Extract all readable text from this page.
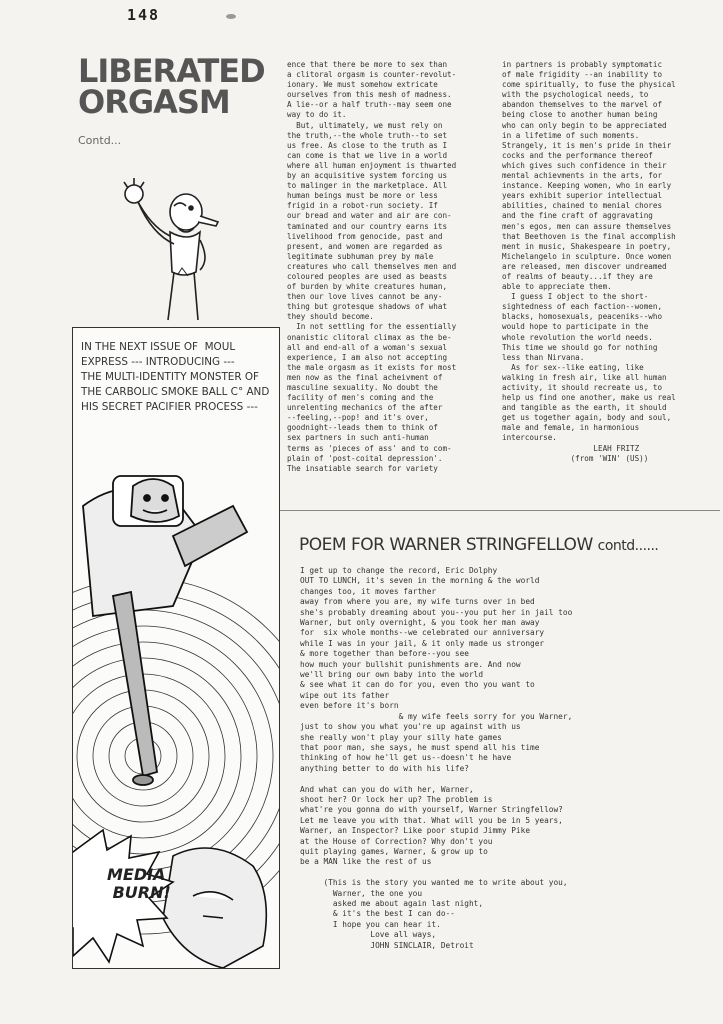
148
LIBERATED
ORGASM Contd...
ence that there be more to sex than
a clitoral orgasm is counter-revolut-
ionary. We must somehow extricate
ourselves from this mesh of madness.
A lie--or a half truth--may seem one
way to do it.
But, ultimately, we must rely on
the truth,--the whole truth--to set
us free. As close to the truth as I
can come is that we live in a world
where all human enjoyment is thwarted
by an acquisitive system forcing us
to malinger in the marketplace. All
human beings must be more or less
frigid in a robot-run society. If
our bread and water and air are con-
taminated and our country earns its
livelihood from genocide, past and
present, and women are regarded as
legitimate subhuman prey by male
creatures who call themselves men and
coloured peoples are used as beasts
of burden by white creatures human,
then our love lives cannot be any-
thing but grotesque shadows of what
they should become.
In not settling for the essentially
onanistic clitoral climax as the be-
all and end-all of a woman's sexual
experience, I am also not accepting
the male orgasm as it exists for most
men now as the final acheivment of
masculine sexuality. No doubt the
facility of men's coming and the
unrelenting mechanics of the after
--feeling,--pop! and it's over,
goodnight--leads them to think of
sex partners in such anti-human
terms as 'pieces of ass' and to com-
plain of 'post-coital depression'.
The insatiable search for variety
in partners is probably symptomatic
of male frigidity --an inability to
come spiritually, to fuse the physical
with the psychological needs, to
abandon themselves to the marvel of
being close to another human being
who can only begin to be appreciated
in a lifetime of such moments.
Strangely, it is men's pride in their
cocks and the performance thereof
which gives such confidence in their
mental achievments in the arts, for
instance. Keeping women, who in early
years exhibit superior intellectual
abilities, chained to menial chores
and the fine craft of aggravating
men's egos, men can assure themselves
that Beethoven is the final accomplish
ment in music, Shakespeare in poetry,
Michelangelo in sculpture. Once women
are released, men discover undreamed
of realms of beauty...if they are
able to appreciate them.
I guess I object to the short-
sightedness of each faction--women,
blacks, homosexuals, peaceniks--who
would hope to participate in the
whole revolution the world needs.
This time we should go for nothing
less than Nirvana.
As for sex--like eating, like
walking in fresh air, like all human
activity, it should recreate us, to
help us find one another, make us real
and tangible as the earth, it should
get us together again, body and soul,
male and female, in harmonious
intercourse.
LEAH FRITZ
(from 'WIN' (US))
POEM FOR WARNER STRINGFELLOW contd......
I get up to change the record, Eric Dolphy
OUT TO LUNCH, it's seven in the morning & the world
changes too, it moves farther
away from where you are, my wife turns over in bed
she's probably dreaming about you--you put her in jail too
Warner, but only overnight, & you took her man away
for  six whole months--we celebrated our anniversary
while I was in your jail, & it only made us stronger
& more together than before--you see
how much your bullshit punishments are. And now
we'll bring our own baby into the world
& see what it can do for you, even tho you want to
wipe out its father
even before it's born
& my wife feels sorry for you Warner,
just to show you what you're up against with us
she really won't play your silly hate games
that poor man, she says, he must spend all his time
thinking of how he'll get us--doesn't he have
anything better to do with his life?

And what can you do with her, Warner,
shoot her? Or lock her up? The problem is
what're you gonna do with yourself, Warner Stringfellow?
Let me leave you with that. What will you be in 5 years,
Warner, an Inspector? Like poor stupid Jimmy Pike
at the House of Correction? Why don't you
quit playing games, Warner, & grow up to
be a MAN like the rest of us

(This is the story you wanted me to write about you,
Warner, the one you
asked me about again last night,
& it's the best I can do--
I hope you can hear it.
Love all ways,
JOHN SINCLAIR, Detroit
IN THE NEXT ISSUE OF  MOUL
EXPRESS --- INTRODUCING ---
THE MULTI-IDENTITY MONSTER OF
THE CARBOLIC SMOKE BALL C° AND
HIS SECRET PACIFIER PROCESS ---
MEDIA
BURN!
